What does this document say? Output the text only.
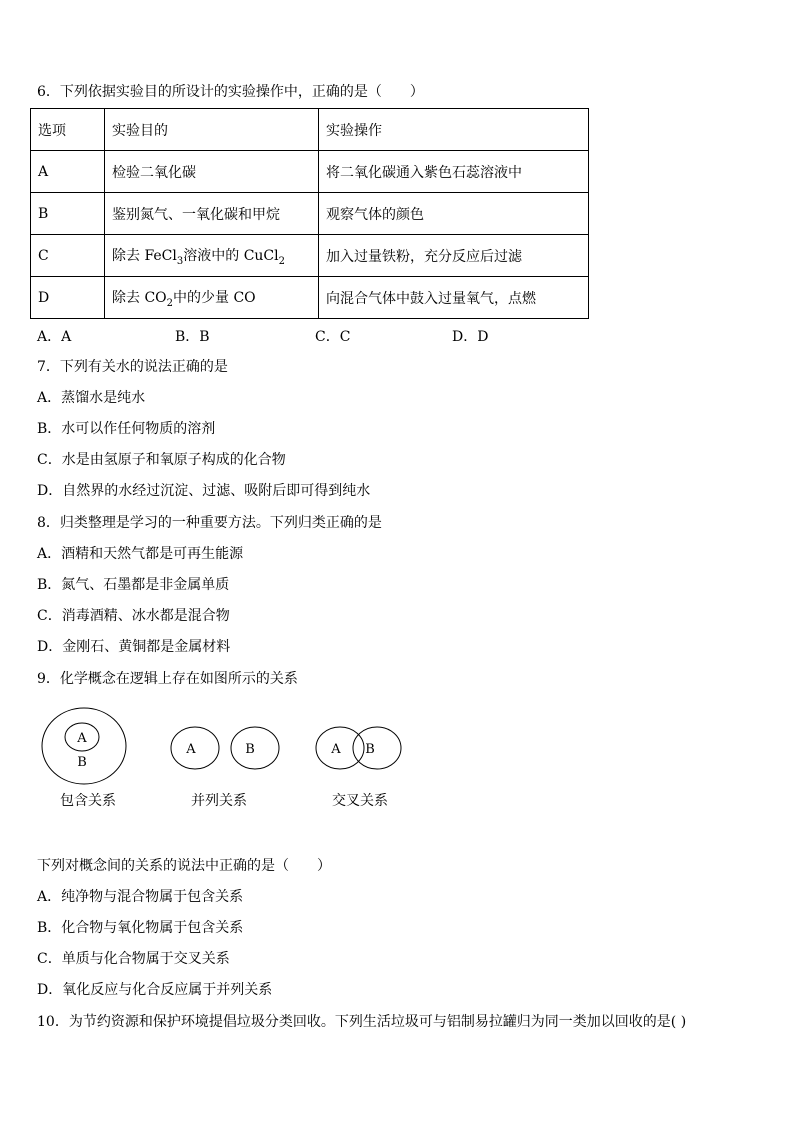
6．下列依据实验目的所设计的实验操作中，正确的是（　　）
选项	实验目的	实验操作
A	检验二氧化碳	将二氧化碳通入紫色石蕊溶液中
B	鉴别氮气、一氧化碳和甲烷	观察气体的颜色
C	除去 FeCl$_3$溶液中的 CuCl$_2$	加入过量铁粉，充分反应后过滤
D	除去 $CO_2$中的少量 CO	向混合气体中鼓入过量氧气，点燃
A．A	B．B	C．C	D．D
7．下列有关水的说法正确的是
A．蒸馏水是纯水
B．水可以作任何物质的溶剂
C．水是由氢原子和氧原子构成的化合物
D．自然界的水经过沉淀、过滤、吸附后即可得到纯水
8．归类整理是学习的一种重要方法。下列归类正确的是
A．酒精和天然气都是可再生能源
B．氮气、石墨都是非金属单质
C．消毒酒精、冰水都是混合物
D．金刚石、黄铜都是金属材料
9．化学概念在逻辑上存在如图所示的关系
A
B
A	B	A B
包含关系	并列关系	交叉关系
下列对概念间的关系的说法中正确的是（　　）
A．纯净物与混合物属于包含关系
B．化合物与氧化物属于包含关系
C．单质与化合物属于交叉关系
D．氧化反应与化合反应属于并列关系
10．为节约资源和保护环境提倡垃圾分类回收。下列生活垃圾可与铝制易拉罐归为同一类加以回收的是( )
